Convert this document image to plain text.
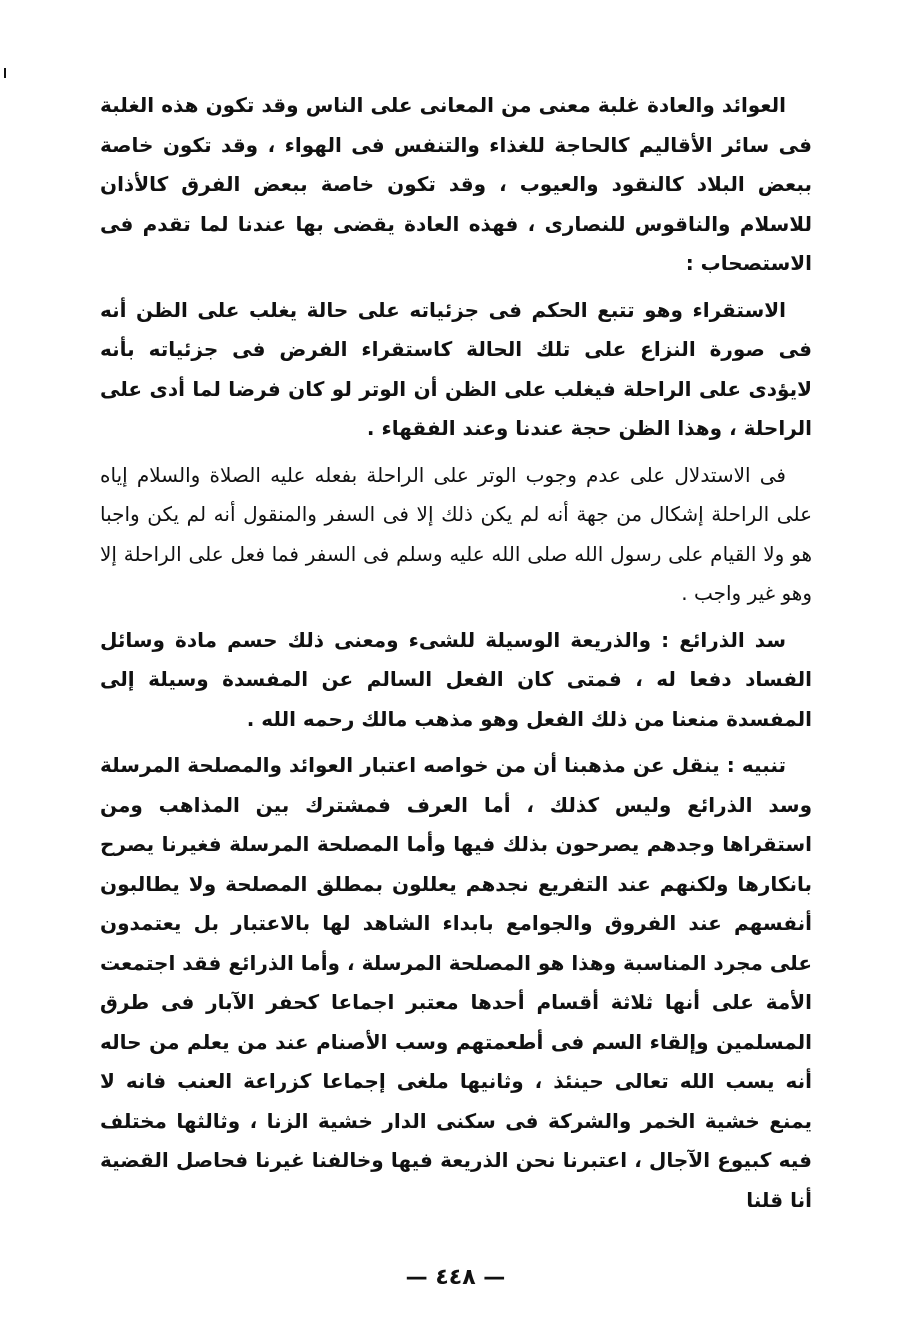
العوائد والعادة غلبة معنى من المعانى على الناس وقد تكون هذه الغلبة فى سائر الأقاليم كالحاجة للغذاء والتنفس فى الهواء ، وقد تكون خاصة ببعض البلاد كالنقود والعيوب ، وقد تكون خاصة ببعض الفرق كالأذان للاسلام والناقوس للنصارى ، فهذه العادة يقضى بها عندنا لما تقدم فى الاستصحاب :

الاستقراء وهو تتبع الحكم فى جزئياته على حالة يغلب على الظن أنه فى صورة النزاع على تلك الحالة كاستقراء الفرض فى جزئياته بأنه لايؤدى على الراحلة فيغلب على الظن أن الوتر لو كان فرضا لما أدى على الراحلة ، وهذا الظن حجة عندنا وعند الفقهاء .

فى الاستدلال على عدم وجوب الوتر على الراحلة بفعله عليه الصلاة والسلام إياه على الراحلة إشكال من جهة أنه لم يكن ذلك إلا فى السفر والمنقول أنه لم يكن واجبا هو ولا القيام على رسول الله صلى الله عليه وسلم فى السفر فما فعل على الراحلة إلا وهو غير واجب .

سد الذرائع : والذريعة الوسيلة للشىء ومعنى ذلك حسم مادة وسائل الفساد دفعا له ، فمتى كان الفعل السالم عن المفسدة وسيلة إلى المفسدة منعنا من ذلك الفعل وهو مذهب مالك رحمه الله .

تنبيه : ينقل عن مذهبنا أن من خواصه اعتبار العوائد والمصلحة المرسلة وسد الذرائع وليس كذلك ، أما العرف فمشترك بين المذاهب ومن استقراها وجدهم يصرحون بذلك فيها وأما المصلحة المرسلة فغيرنا يصرح بانكارها ولكنهم عند التفريع نجدهم يعللون بمطلق المصلحة ولا يطالبون أنفسهم عند الفروق والجوامع بابداء الشاهد لها بالاعتبار بل يعتمدون على مجرد المناسبة وهذا هو المصلحة المرسلة ، وأما الذرائع فقد اجتمعت الأمة على أنها ثلاثة أقسام أحدها معتبر اجماعا كحفر الآبار فى طرق المسلمين وإلقاء السم فى أطعمتهم وسب الأصنام عند من يعلم من حاله أنه يسب الله تعالى حينئذ ، وثانيها ملغى إجماعا كزراعة العنب فانه لا يمنع خشية الخمر والشركة فى سكنى الدار خشية الزنا ، وثالثها مختلف فيه كبيوع الآجال ، اعتبرنا نحن الذريعة فيها وخالفنا غيرنا فحاصل القضية أنا قلنا

— ٤٤٨ —
